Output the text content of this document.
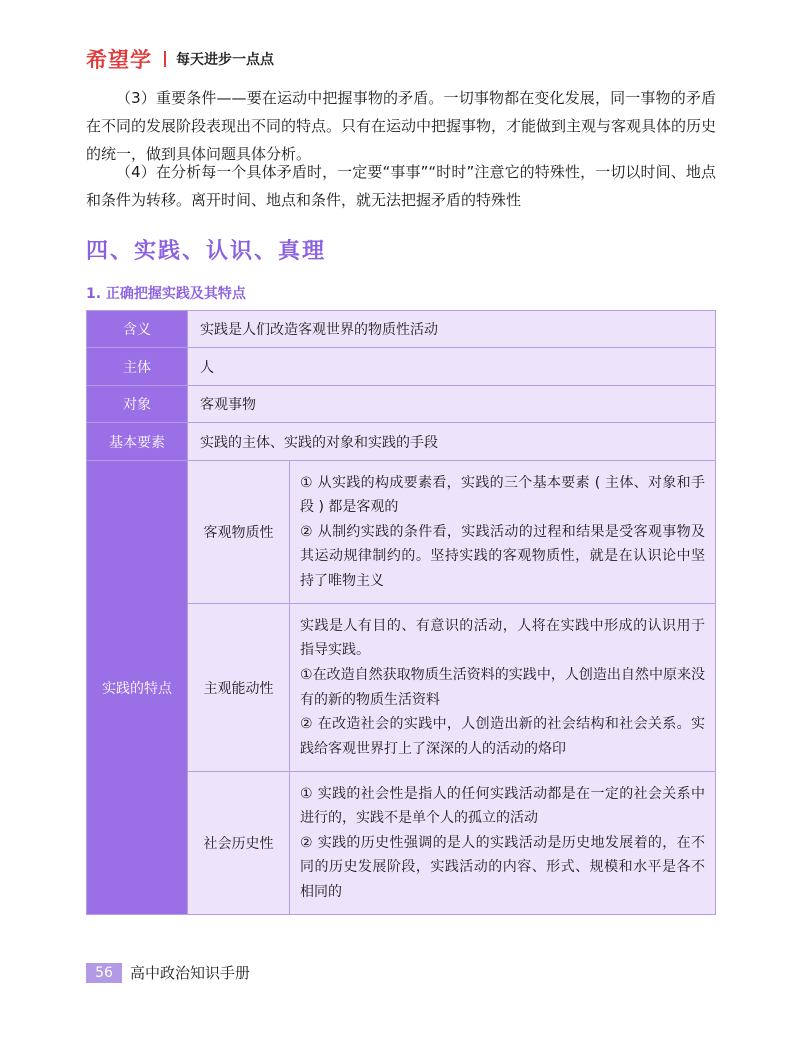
希望学 每天进步一点点

（3）重要条件——要在运动中把握事物的矛盾。一切事物都在变化发展，同一事物的矛盾在不同的发展阶段表现出不同的特点。只有在运动中把握事物，才能做到主观与客观具体的历史的统一，做到具体问题具体分析。

（4）在分析每一个具体矛盾时，一定要“事事”“时时”注意它的特殊性，一切以时间、地点和条件为转移。离开时间、地点和条件，就无法把握矛盾的特殊性

四、实践、认识、真理
1. 正确把握实践及其特点
含义	实践是人们改造客观世界的物质性活动	
主体	人	
对象	客观事物	
基本要素	实践的主体、实践的对象和实践的手段	
实践的特点	客观物质性	① 从实践的构成要素看，实践的三个基本要素 ( 主体、对象和手段 ) 都是客观的
② 从制约实践的条件看，实践活动的过程和结果是受客观事物及其运动规律制约的。坚持实践的客观物质性，就是在认识论中坚持了唯物主义

	主观能动性	实践是人有目的、有意识的活动，人将在实践中形成的认识用于指导实践。
①在改造自然获取物质生活资料的实践中，人创造出自然中原来没有的新的物质生活资料
② 在改造社会的实践中，人创造出新的社会结构和社会关系。实践给客观世界打上了深深的人的活动的烙印

	社会历史性	① 实践的社会性是指人的任何实践活动都是在一定的社会关系中进行的，实践不是单个人的孤立的活动
② 实践的历史性强调的是人的实践活动是历史地发展着的，在不同的历史发展阶段，实践活动的内容、形式、规模和水平是各不相同的
56	高中政治知识手册
